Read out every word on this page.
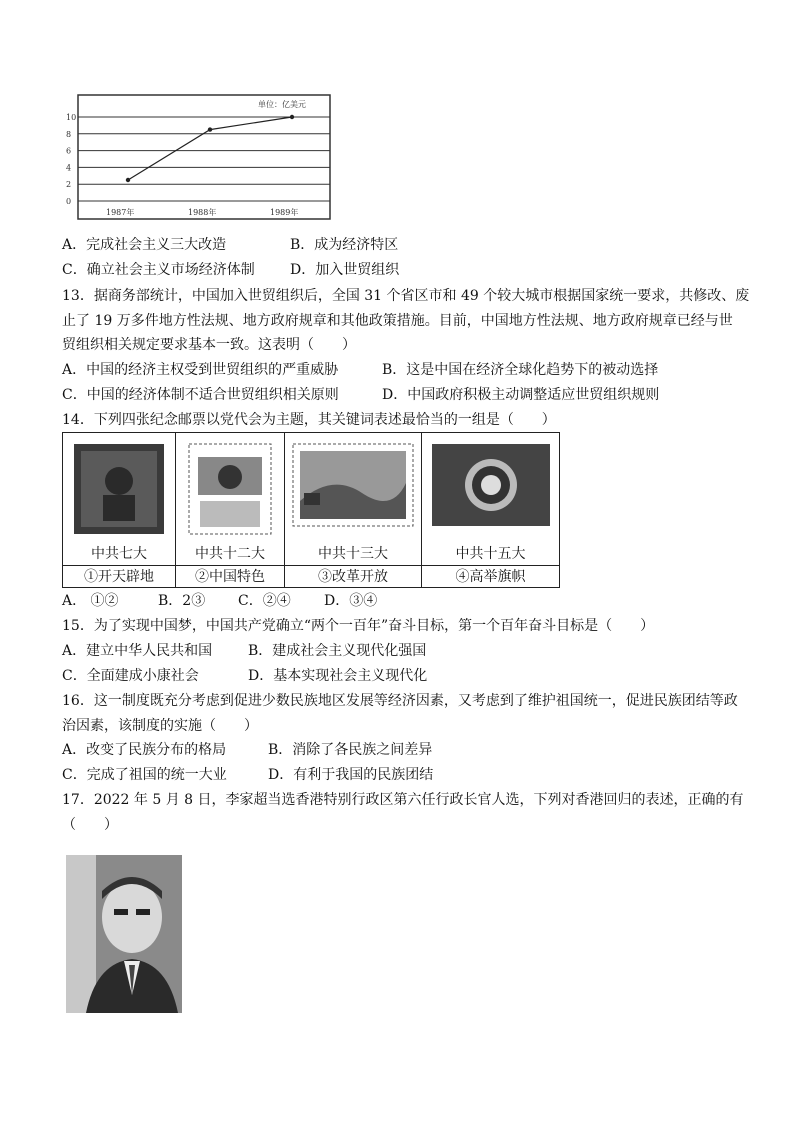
单位：亿美元
0
2
4
6
8
10
1987年	1988年	1989年
A．完成社会主义三大改造	B．成为经济特区
C．确立社会主义市场经济体制	D．加入世贸组织
13．据商务部统计，中国加入世贸组织后，全国 31 个省区市和 49 个较大城市根据国家统一要求，共修改、废
止了 19 万多件地方性法规、地方政府规章和其他政策措施。目前，中国地方性法规、地方政府规章已经与世
贸组织相关规定要求基本一致。这表明（　　）
A．中国的经济主权受到世贸组织的严重威胁	B．这是中国在经济全球化趋势下的被动选择
C．中国的经济体制不适合世贸组织相关原则	D．中国政府积极主动调整适应世贸组织规则
14．下列四张纪念邮票以党代会为主题，其关键词表述最恰当的一组是（　　）
中共七大	中共十二大	中共十三大	中共十五大

①开天辟地	②中国特色	③改革开放	④高举旗帜
A． ①②	B．2③ C．②④ D．③④
15．为了实现中国梦，中国共产党确立“两个一百年”奋斗目标，第一个百年奋斗目标是（　　）
A．建立中华人民共和国	B．建成社会主义现代化强国
C．全面建成小康社会	D．基本实现社会主义现代化
16．这一制度既充分考虑到促进少数民族地区发展等经济因素，又考虑到了维护祖国统一，促进民族团结等政
治因素，该制度的实施（　　）
A．改变了民族分布的格局	B．消除了各民族之间差异
C．完成了祖国的统一大业	D．有利于我国的民族团结
17．2022 年 5 月 8 日，李家超当选香港特别行政区第六任行政长官人选，下列对香港回归的表述，正确的有
（　　）
